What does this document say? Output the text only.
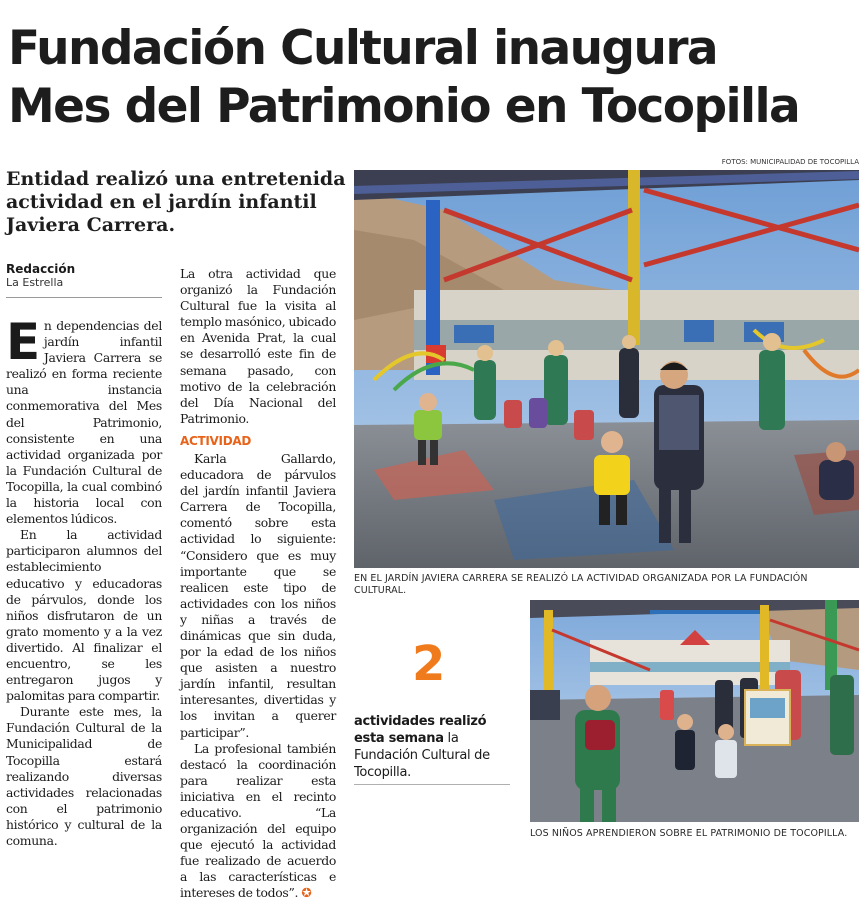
Fundación Cultural inaugura
Mes del Patrimonio en Tocopilla

Entidad realizó una entretenida actividad en el jardín infantil Javiera Carrera.

FOTOS: MUNICIPALIDAD DE TOCOPILLA
Redacción
La Estrella

En dependencias del jardín infantil Javiera Carrera se realizó en forma reciente una instancia conmemorativa del Mes del Patrimonio, consistente en una actividad organizada por la Fundación Cultural de Tocopilla, la cual combinó la historia local con elementos lúdicos.

En la actividad participaron alumnos del establecimiento educativo y educadoras de párvulos, donde los niños disfrutaron de un grato momento y a la vez divertido. Al finalizar el encuentro, se les entregaron jugos y palomitas para compartir.

Durante este mes, la Fundación Cultural de la Municipalidad de Tocopilla estará realizando diversas actividades relacionadas con el patrimonio histórico y cultural de la comuna.

La otra actividad que organizó la Fundación Cultural fue la visita al templo masónico, ubicado en Avenida Prat, la cual se desarrolló este fin de semana pasado, con motivo de la celebración del Día Nacional del Patrimonio.

ACTIVIDAD

Karla Gallardo, educadora de párvulos del jardín infantil Javiera Carrera de Tocopilla, comentó sobre esta actividad lo siguiente: “Considero que es muy importante que se realicen este tipo de actividades con los niños y niñas a través de dinámicas que sin duda, por la edad de los niños que asisten a nuestro jardín infantil, resultan interesantes, divertidas y los invitan a querer participar”.

La profesional también destacó la coordinación para realizar esta iniciativa en el recinto educativo. “La organización del equipo que ejecutó la actividad fue realizado de acuerdo a las características e intereses de todos”. ✪

EN EL JARDÍN JAVIERA CARRERA SE REALIZÓ LA ACTIVIDAD ORGANIZADA POR LA FUNDACIÓN CULTURAL.
2

actividades realizó esta semana la Fundación Cultural de Tocopilla.

LOS NIÑOS APRENDIERON SOBRE EL PATRIMONIO DE TOCOPILLA.
